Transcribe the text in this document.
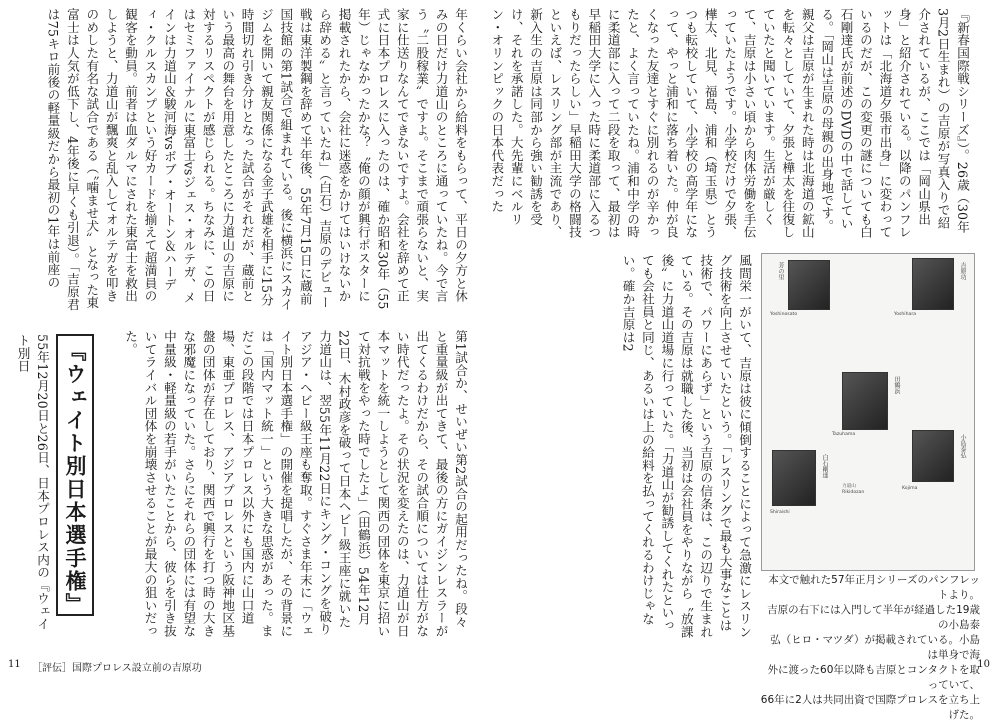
年くらい会社から給料をもらって、平日の夕方と休みの日だけ力道山のところに通っていたね。今で言う〝二股稼業〟ですよ。そこまで頑張らないと、実家に仕送りなんてできないですよ。会社を辞めて正式に日本プロレスに入ったのは、確か昭和30年（55年）じゃなかったかな？〝俺の顔が興行ポスターに掲載されたから、会社に迷惑をかけてはいけないから辞める〟と言っていたね」（白石）吉原のデビュー戦は東洋製鋼を辞めて半年後、55年7月15日に蔵前国技館の第1試合で組まれている。後に横浜にスカイジムを開いて親友関係になる金子武雄を相手に15分時間切れ引き分けとなった試合がそれだが、蔵前という最高の舞台を用意したところに力道山の吉原に対するリスペクトが感じられる。ちなみに、この日はセミファイナルに東富士vsジェス・オルテガ、メインは力道山＆駿河海vsボブ・オートン＆ハーディ・クルスカンプという好カードを揃えて超満員の観客を動員。前者は血ダルマにされた東富士を救出しようと、力道山が飄爽と乱入してオルテガを叩きのめした有名な試合である（〝噛ませ犬〟となった東富士は人気が低下し、4年後に早くも引退）。「吉原君は75キロ前後の軽量級だから最初の1年は前座の

第1試合か、せいぜい第2試合の起用だったね。段々と重量級が出てきて、最後の方にガイジンレスラーが出てくるわけだから、その試合順については仕方がない時代だったよ。その状況を変えたのは、力道山が日本マットを統一しようとして関西の団体を東京に招いて対抗戦をやった時でしたよ」（田鶴浜）54年12月22日、木村政彦を破って日本ヘビー級王座に就いた力道山は、翌55年11月22日にキング・コングを破りアジア・ヘビー級王座も奪取。すぐさま年末に「ウェイト別日本選手権」の開催を提唱したが、その背景には「国内マット統一」という大きな思惑があった。まだこの段階では日本プロレス以外にも国内に山口道場、東亜プロレス、アジアプロレスという阪神地区基盤の団体が存在しており、関西で興行を打つ時の大きな邪魔になっていた。さらにそれらの団体には有望な中量級・軽量級の若手がいたことから、彼らを引き抜いてライバル団体を崩壊させることが最大の狙いだった。

『ウェイト別日本選手権』

55年12月20日と26日、日本プロレス内の『ウェイト別日

『新春国際戦シリーズ』）。26歳（30年3月2日生まれ）の吉原が写真入りで紹介されているが、ここでは「岡山県出身」と紹介されている。以降のパンフレットは「北海道夕張市出身」に変わっているのだが、この変更の謎についても白石剛達氏が前述のDVDの中で話している。「岡山は吉原の母親の出身地です。親父は吉原が生まれた時は北海道の鉱山を転々としていて、夕張と樺太を往復していたと聞いています。生活が厳しくて、吉原は小さい頃から肉体労働を手伝っていたようです。小学校だけで夕張、樺太、北見、福島、浦和（埼玉県）とうつも転校していて、小学校の高学年になって、やっと浦和に落ち着いた。仲が良くなった友達とすぐに別れるのが辛かったと、よく言っていたね。浦和中学の時に柔道部に入って二段を取って、最初は早稲田大学に入った時に柔道部に入るつもりだったらしい」早稲田大学の格闘技といえば、レスリング部が主流であり、新入生の吉原は同部から強い勧誘を受け、それを承諾した。大先輩にベルリン・オリンピックの日本代表だった

風間栄一がいて、吉原は彼に傾倒することによって急激にレスリング技術を向上させていたという。「レスリングで最も大事なことは技術で、パワーにあらず」という吉原の信条は、この辺りで生まれている。その吉原は就職した後、当初は会社員をやりながら〝放課後〟に力道山道場に行っていた。「力道山が勧誘してくれたといっても会社員と同じ、あるいは上の給料を払ってくれるわけじゃない。確か吉原は2	芳の里
Yoshinosato
吉原功
Yoshihara
田鶴浜
Tazuhama	小島泰弘
Kojima
白石剛達
Shiraishi
力道山
Rikidozan

本文で触れた57年正月シリーズのパンフレットより。

吉原の右下には入門して半年が経過した19歳の小島泰

弘（ヒロ・マツダ）が掲載されている。小島は単身で海

外に渡った60年以降も吉原とコンタクトを取っていて、

66年に2人は共同出資で国際プロレスを立ち上げた。

11 ［評伝］国際プロレス設立前の吉原功	10
